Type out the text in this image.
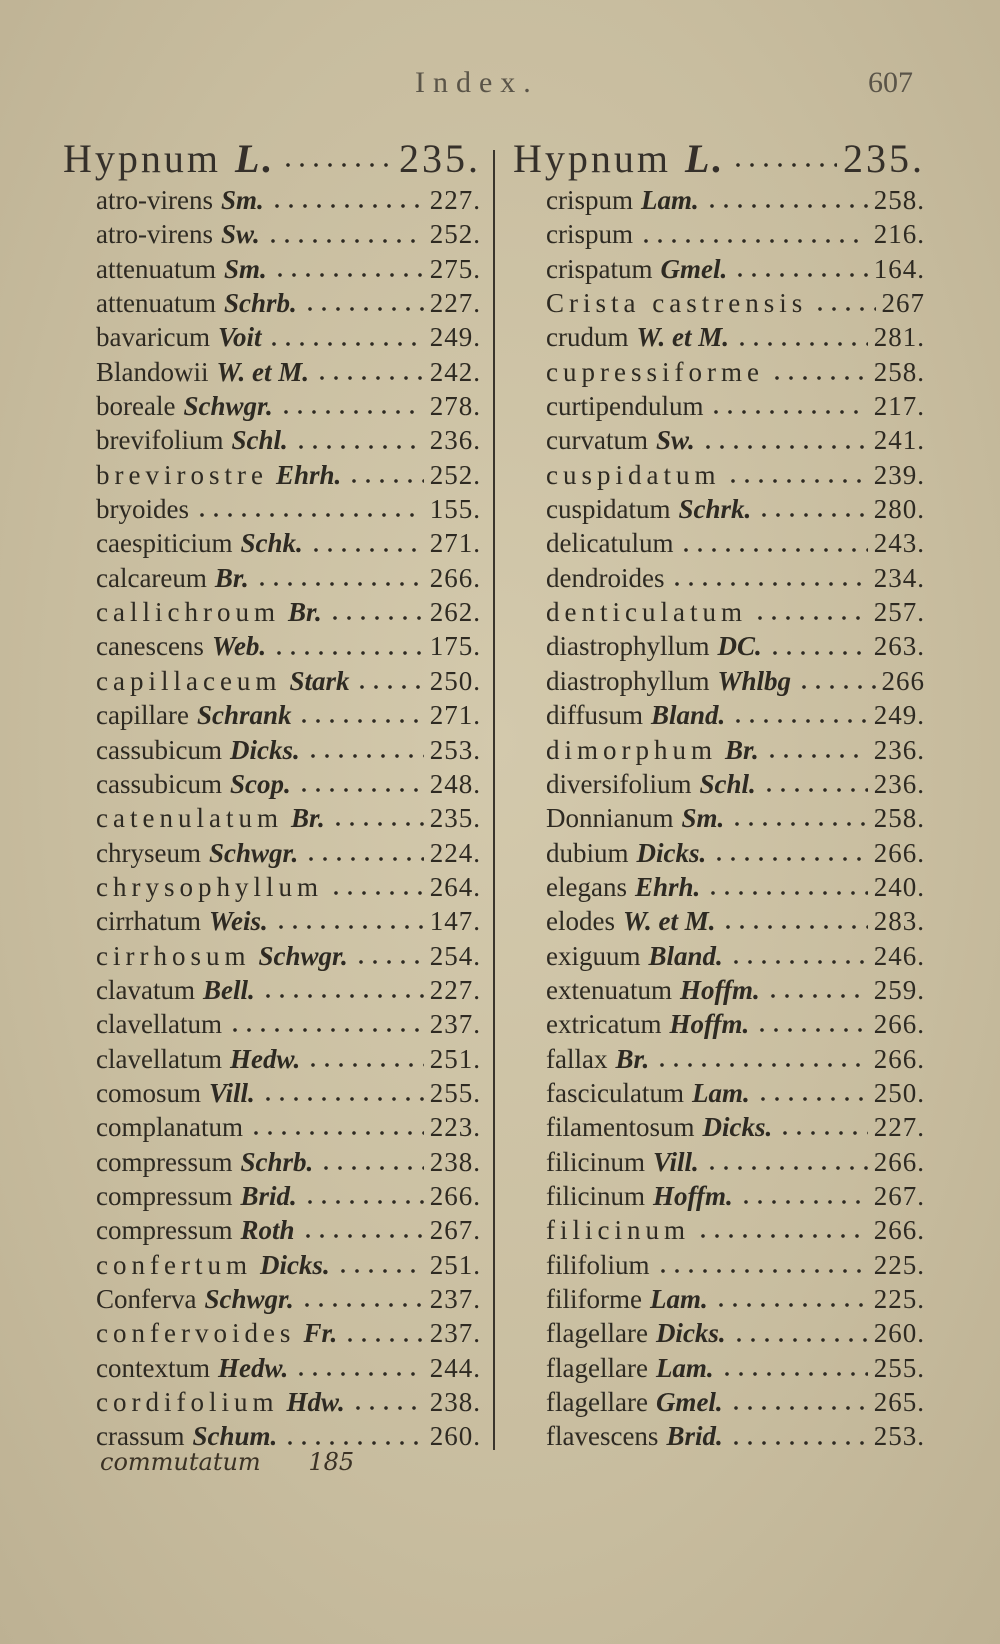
Index.	607
Hypnum L.	235.
atro-virens Sm.	227.
atro-virens Sw.	252.
attenuatum Sm.	275.
attenuatum Schrb.	227.
bavaricum Voit	249.
Blandowii W. et M.	242.
boreale Schwgr.	278.
brevifolium Schl.	236.
brevirostre Ehrh.	252.
bryoides	155.
caespiticium Schk.	271.
calcareum Br.	266.
callichroum Br.	262.
canescens Web.	175.
capillaceum Stark	250.
capillare Schrank	271.
cassubicum Dicks.	253.
cassubicum Scop.	248.
catenulatum Br.	235.
chryseum Schwgr.	224.
chrysophyllum	264.
cirrhatum Weis.	147.
cirrhosum Schwgr.	254.
clavatum Bell.	227.
clavellatum	237.
clavellatum Hedw.	251.
comosum Vill.	255.
complanatum	223.
compressum Schrb.	238.
compressum Brid.	266.
compressum Roth	267.
confertum Dicks.	251.
Conferva Schwgr.	237.
confervoides Fr.	237.
contextum Hedw.	244.
cordifolium Hdw.	238.
crassum Schum.	260.
Hypnum L.	235.
crispum Lam.	258.
crispum	216.
crispatum Gmel.	164.
Crista castrensis	267
crudum W. et M.	281.
cupressiforme	258.
curtipendulum	217.
curvatum Sw.	241.
cuspidatum	239.
cuspidatum Schrk.	280.
delicatulum	243.
dendroides	234.
denticulatum	257.
diastrophyllum DC.	263.
diastrophyllum Whlbg	266
diffusum Bland.	249.
dimorphum Br.	236.
diversifolium Schl.	236.
Donnianum Sm.	258.
dubium Dicks.	266.
elegans Ehrh.	240.
elodes W. et M.	283.
exiguum Bland.	246.
extenuatum Hoffm.	259.
extricatum Hoffm.	266.
fallax Br.	266.
fasciculatum Lam.	250.
filamentosum Dicks.	227.
filicinum Vill.	266.
filicinum Hoffm.	267.
filicinum	266.
filifolium	225.
filiforme Lam.	225.
flagellare Dicks.	260.
flagellare Lam.	255.
flagellare Gmel.	265.
flavescens Brid.	253.
commutatum 185
